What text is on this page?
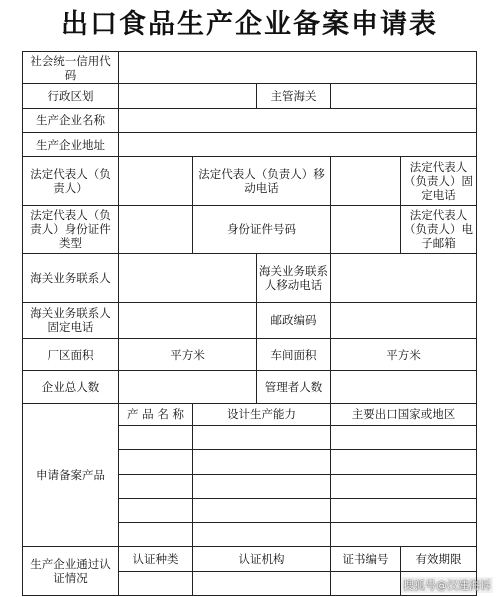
出口食品生产企业备案申请表
社会统一信用代码					
行政区划			主管海关		
生产企业名称					
生产企业地址					
法定代表人（负责人）		法定代表人（负责人）移动电话			法定代表人（负责人）固定电话
法定代表人（负责人）身份证件类型		身份证件号码			法定代表人（负责人）电子邮箱
海关业务联系人			海关业务联系人移动电话		
海关业务联系人固定电话			邮政编码		
厂区面积	平方米		车间面积	平方米	
企业总人数			管理者人数		
申请备案产品	产 品 名 称	设计生产能力		主要出口国家或地区	

生产企业通过认证情况	认证种类	认证机构		证书编号	有效期限

搜狐号@汉建海诉
